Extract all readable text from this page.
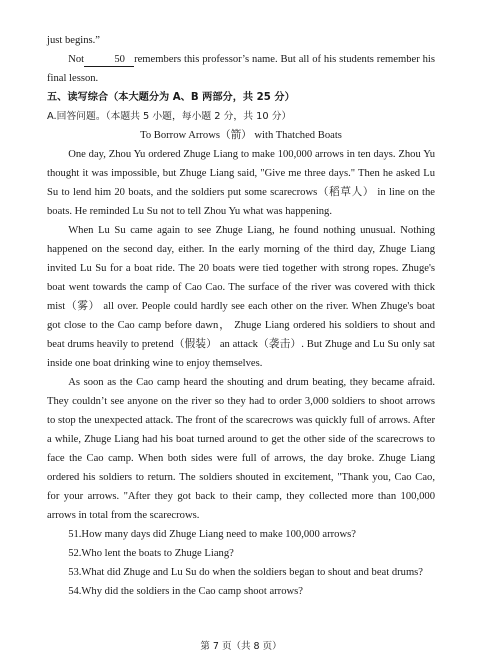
just begins.”

Not	50 remembers this professor’s name. But all of his students remember his final lesson.

五、读写综合（本大题分为 A、B 两部分，共 25 分）

A.回答问题。（本题共 5 小题，每小题 2 分，共 10 分）

To Borrow Arrows（箭） with Thatched Boats

One day, Zhou Yu ordered Zhuge Liang to make 100,000 arrows in ten days. Zhou Yu thought it was impossible, but Zhuge Liang said, "Give me three days." Then he asked Lu Su to lend him 20 boats, and the soldiers put some scarecrows（稻草人） in line on the boats. He reminded Lu Su not to tell Zhou Yu what was happening.

When Lu Su came again to see Zhuge Liang, he found nothing unusual. Nothing happened on the second day, either. In the early morning of the third day, Zhuge Liang invited Lu Su for a boat ride. The 20 boats were tied together with strong ropes. Zhuge's boat went towards the camp of Cao Cao. The surface of the river was covered with thick mist（雾） all over. People could hardly see each other on the river. When Zhuge's boat got close to the Cao camp before dawn， Zhuge Liang ordered his soldiers to shout and beat drums heavily to pretend（假装） an attack（袭击）. But Zhuge and Lu Su only sat inside one boat drinking wine to enjoy themselves.

As soon as the Cao camp heard the shouting and drum beating, they became afraid. They couldn’t see anyone on the river so they had to order 3,000 soldiers to shoot arrows to stop the unexpected attack. The front of the scarecrows was quickly full of arrows. After a while, Zhuge Liang had his boat turned around to get the other side of the scarecrows to face the Cao camp. When both sides were full of arrows, the day broke. Zhuge Liang ordered his soldiers to return. The soldiers shouted in excitement, "Thank you, Cao Cao, for your arrows. "After they got back to their camp, they collected more than 100,000 arrows in total from the scarecrows.

51.How many days did Zhuge Liang need to make 100,000 arrows?

52.Who lent the boats to Zhuge Liang?

53.What did Zhuge and Lu Su do when the soldiers began to shout and beat drums?

54.Why did the soldiers in the Cao camp shoot arrows?

第 7 页（共 8 页）
